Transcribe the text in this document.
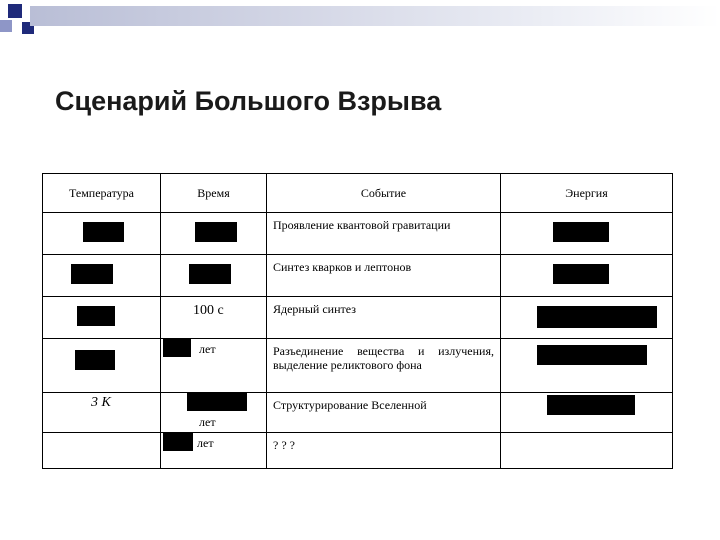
Сценарий Большого Взрыва
Температура	Время	Событие	Энергия

		Проявление квантовой гравитации	

		Синтез кварков и лептонов	

	100 с	Ядерный синтез	

	лет	Разъединение вещества и излучения, выделение реликтового фона	

3 K	лет	Структурирование Вселенной	

	лет	? ? ?	
